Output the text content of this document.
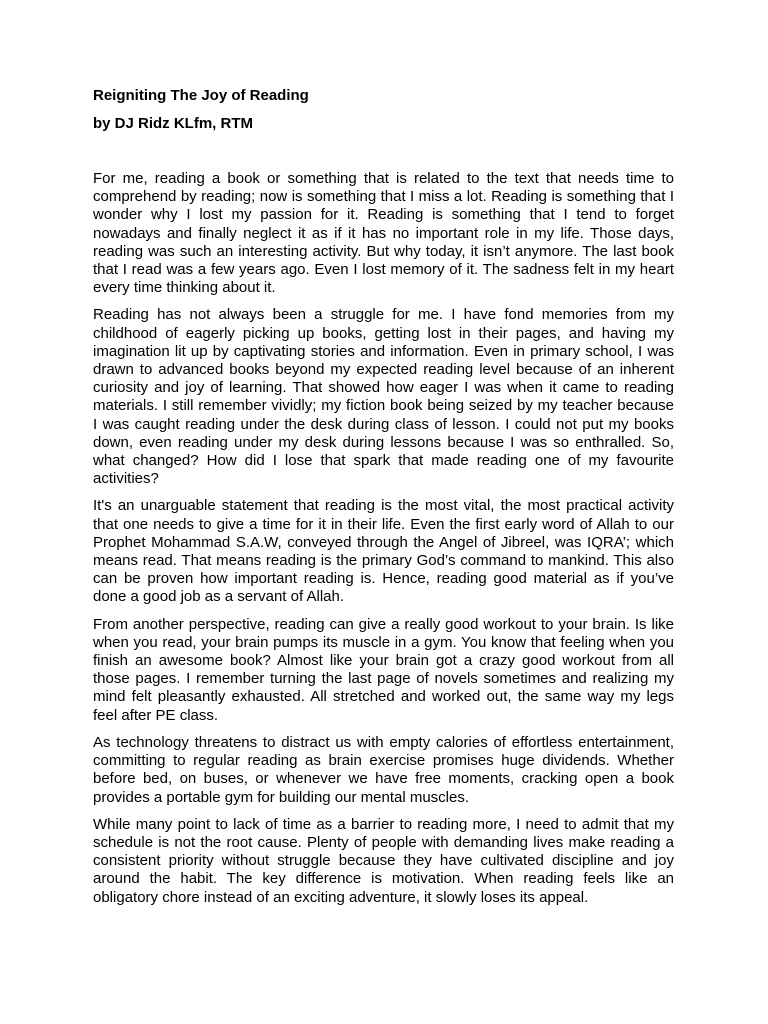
Reigniting The Joy of Reading
by DJ Ridz KLfm, RTM

For me, reading a book or something that is related to the text that needs time to comprehend by reading; now is something that I miss a lot. Reading is something that I wonder why I lost my passion for it. Reading is something that I tend to forget nowadays and finally neglect it as if it has no important role in my life. Those days, reading was such an interesting activity. But why today, it isn’t anymore. The last book that I read was a few years ago. Even I lost memory of it. The sadness felt in my heart every time thinking about it.

Reading has not always been a struggle for me. I have fond memories from my childhood of eagerly picking up books, getting lost in their pages, and having my imagination lit up by captivating stories and information. Even in primary school, I was drawn to advanced books beyond my expected reading level because of an inherent curiosity and joy of learning. That showed how eager I was when it came to reading materials. I still remember vividly; my fiction book being seized by my teacher because I was caught reading under the desk during class of lesson. I could not put my books down, even reading under my desk during lessons because I was so enthralled. So, what changed? How did I lose that spark that made reading one of my favourite activities?

It's an unarguable statement that reading is the most vital, the most practical activity that one needs to give a time for it in their life. Even the first early word of Allah to our Prophet Mohammad S.A.W, conveyed through the Angel of Jibreel, was IQRA’; which means read. That means reading is the primary God’s command to mankind. This also can be proven how important reading is. Hence, reading good material as if you’ve done a good job as a servant of Allah.

From another perspective, reading can give a really good workout to your brain. Is like when you read, your brain pumps its muscle in a gym. You know that feeling when you finish an awesome book? Almost like your brain got a crazy good workout from all those pages. I remember turning the last page of novels sometimes and realizing my mind felt pleasantly exhausted. All stretched and worked out, the same way my legs feel after PE class.

As technology threatens to distract us with empty calories of effortless entertainment, committing to regular reading as brain exercise promises huge dividends. Whether before bed, on buses, or whenever we have free moments, cracking open a book provides a portable gym for building our mental muscles.

While many point to lack of time as a barrier to reading more, I need to admit that my schedule is not the root cause. Plenty of people with demanding lives make reading a consistent priority without struggle because they have cultivated discipline and joy around the habit. The key difference is motivation. When reading feels like an obligatory chore instead of an exciting adventure, it slowly loses its appeal.
